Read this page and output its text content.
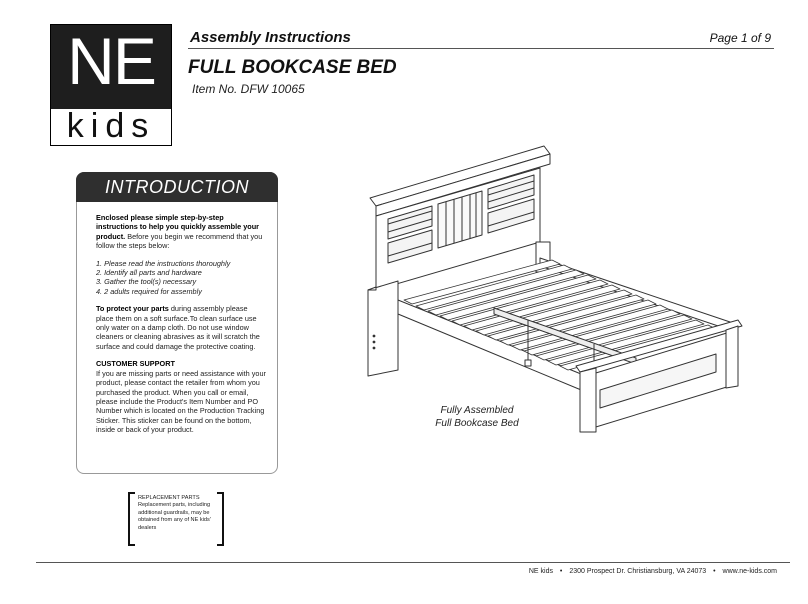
NE
kids
Assembly Instructions	Page 1 of 9
FULL BOOKCASE BED
Item No. DFW 10065
INTRODUCTION

Enclosed please simple step-by-step instructions to help you quickly assemble your product. Before you begin we recommend that you follow the steps below:

1. Please read the instructions thoroughly
2. Identify all parts and hardware
3. Gather the tool(s) necessary
4. 2 adults required for assembly

To protect your parts during assembly please place them on a soft surface.To clean surface use only water on a damp cloth. Do not use window cleaners or cleaning abrasives as it will scratch the surface and could damage the protective coating.

CUSTOMER SUPPORT
If you are missing parts or need assistance with your product, please contact the retailer from whom you purchased the product. When you call or email, please include the Product's Item Number and PO Number which is located on the Production Tracking Sticker. This sticker can be found on the bottom, inside or back of your product.

REPLACEMENT PARTS
Replacement parts, including additional guardrails, may be obtained from any of NE kids' dealers
Fully Assembled
Full Bookcase Bed
NE kids • 2300 Prospect Dr. Christiansburg, VA 24073 • www.ne-kids.com
